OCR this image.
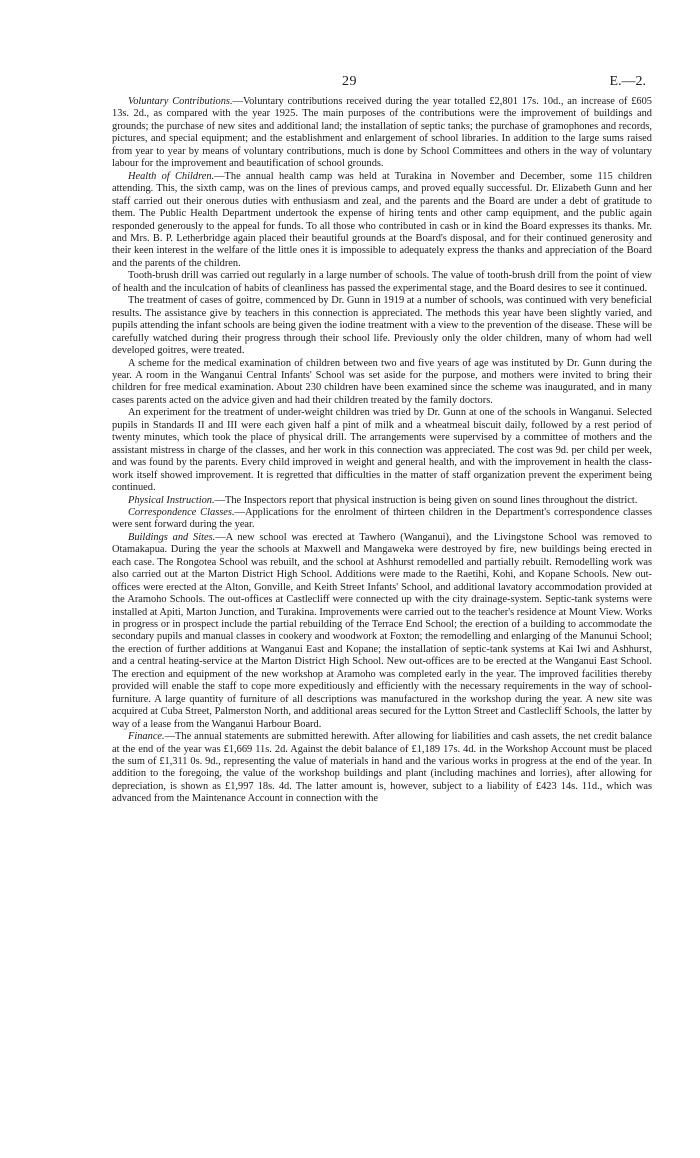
29	E.—2.

Voluntary Contributions.—Voluntary contributions received during the year totalled £2,801 17s. 10d., an increase of £605 13s. 2d., as compared with the year 1925. The main purposes of the contributions were the improvement of buildings and grounds; the purchase of new sites and additional land; the installation of septic tanks; the purchase of gramophones and records, pictures, and special equipment; and the establishment and enlargement of school libraries. In addition to the large sums raised from year to year by means of voluntary contributions, much is done by School Committees and others in the way of voluntary labour for the improvement and beautification of school grounds.

Health of Children.—The annual health camp was held at Turakina in November and December, some 115 children attending. This, the sixth camp, was on the lines of previous camps, and proved equally successful. Dr. Elizabeth Gunn and her staff carried out their onerous duties with enthusiasm and zeal, and the parents and the Board are under a debt of gratitude to them. The Public Health Department undertook the expense of hiring tents and other camp equipment, and the public again responded generously to the appeal for funds. To all those who contributed in cash or in kind the Board expresses its thanks. Mr. and Mrs. B. P. Letherbridge again placed their beautiful grounds at the Board's disposal, and for their continued generosity and their keen interest in the welfare of the little ones it is impossible to adequately express the thanks and appreciation of the Board and the parents of the children.

Tooth-brush drill was carried out regularly in a large number of schools. The value of tooth-brush drill from the point of view of health and the inculcation of habits of cleanliness has passed the experimental stage, and the Board desires to see it continued.

The treatment of cases of goitre, commenced by Dr. Gunn in 1919 at a number of schools, was continued with very beneficial results. The assistance give by teachers in this connection is appreciated. The methods this year have been slightly varied, and pupils attending the infant schools are being given the iodine treatment with a view to the prevention of the disease. These will be carefully watched during their progress through their school life. Previously only the older children, many of whom had well developed goitres, were treated.

A scheme for the medical examination of children between two and five years of age was instituted by Dr. Gunn during the year. A room in the Wanganui Central Infants' School was set aside for the purpose, and mothers were invited to bring their children for free medical examination. About 230 children have been examined since the scheme was inaugurated, and in many cases parents acted on the advice given and had their children treated by the family doctors.

An experiment for the treatment of under-weight children was tried by Dr. Gunn at one of the schools in Wanganui. Selected pupils in Standards II and III were each given half a pint of milk and a wheatmeal biscuit daily, followed by a rest period of twenty minutes, which took the place of physical drill. The arrangements were supervised by a committee of mothers and the assistant mistress in charge of the classes, and her work in this connection was appreciated. The cost was 9d. per child per week, and was found by the parents. Every child improved in weight and general health, and with the improvement in health the class-work itself showed improvement. It is regretted that difficulties in the matter of staff organization prevent the experiment being continued.

Physical Instruction.—The Inspectors report that physical instruction is being given on sound lines throughout the district.

Correspondence Classes.—Applications for the enrolment of thirteen children in the Department's correspondence classes were sent forward during the year.

Buildings and Sites.—A new school was erected at Tawhero (Wanganui), and the Livingstone School was removed to Otamakapua. During the year the schools at Maxwell and Mangaweka were destroyed by fire, new buildings being erected in each case. The Rongotea School was rebuilt, and the school at Ashhurst remodelled and partially rebuilt. Remodelling work was also carried out at the Marton District High School. Additions were made to the Raetihi, Kohi, and Kopane Schools. New out-offices were erected at the Alton, Gonville, and Keith Street Infants' School, and additional lavatory accommodation provided at the Aramoho Schools. The out-offices at Castlecliff were connected up with the city drainage-system. Septic-tank systems were installed at Apiti, Marton Junction, and Turakina. Improvements were carried out to the teacher's residence at Mount View. Works in progress or in prospect include the partial rebuilding of the Terrace End School; the erection of a building to accommodate the secondary pupils and manual classes in cookery and woodwork at Foxton; the remodelling and enlarging of the Manunui School; the erection of further additions at Wanganui East and Kopane; the installation of septic-tank systems at Kai Iwi and Ashhurst, and a central heating-service at the Marton District High School. New out-offices are to be erected at the Wanganui East School. The erection and equipment of the new workshop at Aramoho was completed early in the year. The improved facilities thereby provided will enable the staff to cope more expeditiously and efficiently with the necessary requirements in the way of school-furniture. A large quantity of furniture of all descriptions was manufactured in the workshop during the year. A new site was acquired at Cuba Street, Palmerston North, and additional areas secured for the Lytton Street and Castlecliff Schools, the latter by way of a lease from the Wanganui Harbour Board.

Finance.—The annual statements are submitted herewith. After allowing for liabilities and cash assets, the net credit balance at the end of the year was £1,669 11s. 2d. Against the debit balance of £1,189 17s. 4d. in the Workshop Account must be placed the sum of £1,311 0s. 9d., representing the value of materials in hand and the various works in progress at the end of the year. In addition to the foregoing, the value of the workshop buildings and plant (including machines and lorries), after allowing for depreciation, is shown as £1,997 18s. 4d. The latter amount is, however, subject to a liability of £423 14s. 11d., which was advanced from the Maintenance Account in connection with the
